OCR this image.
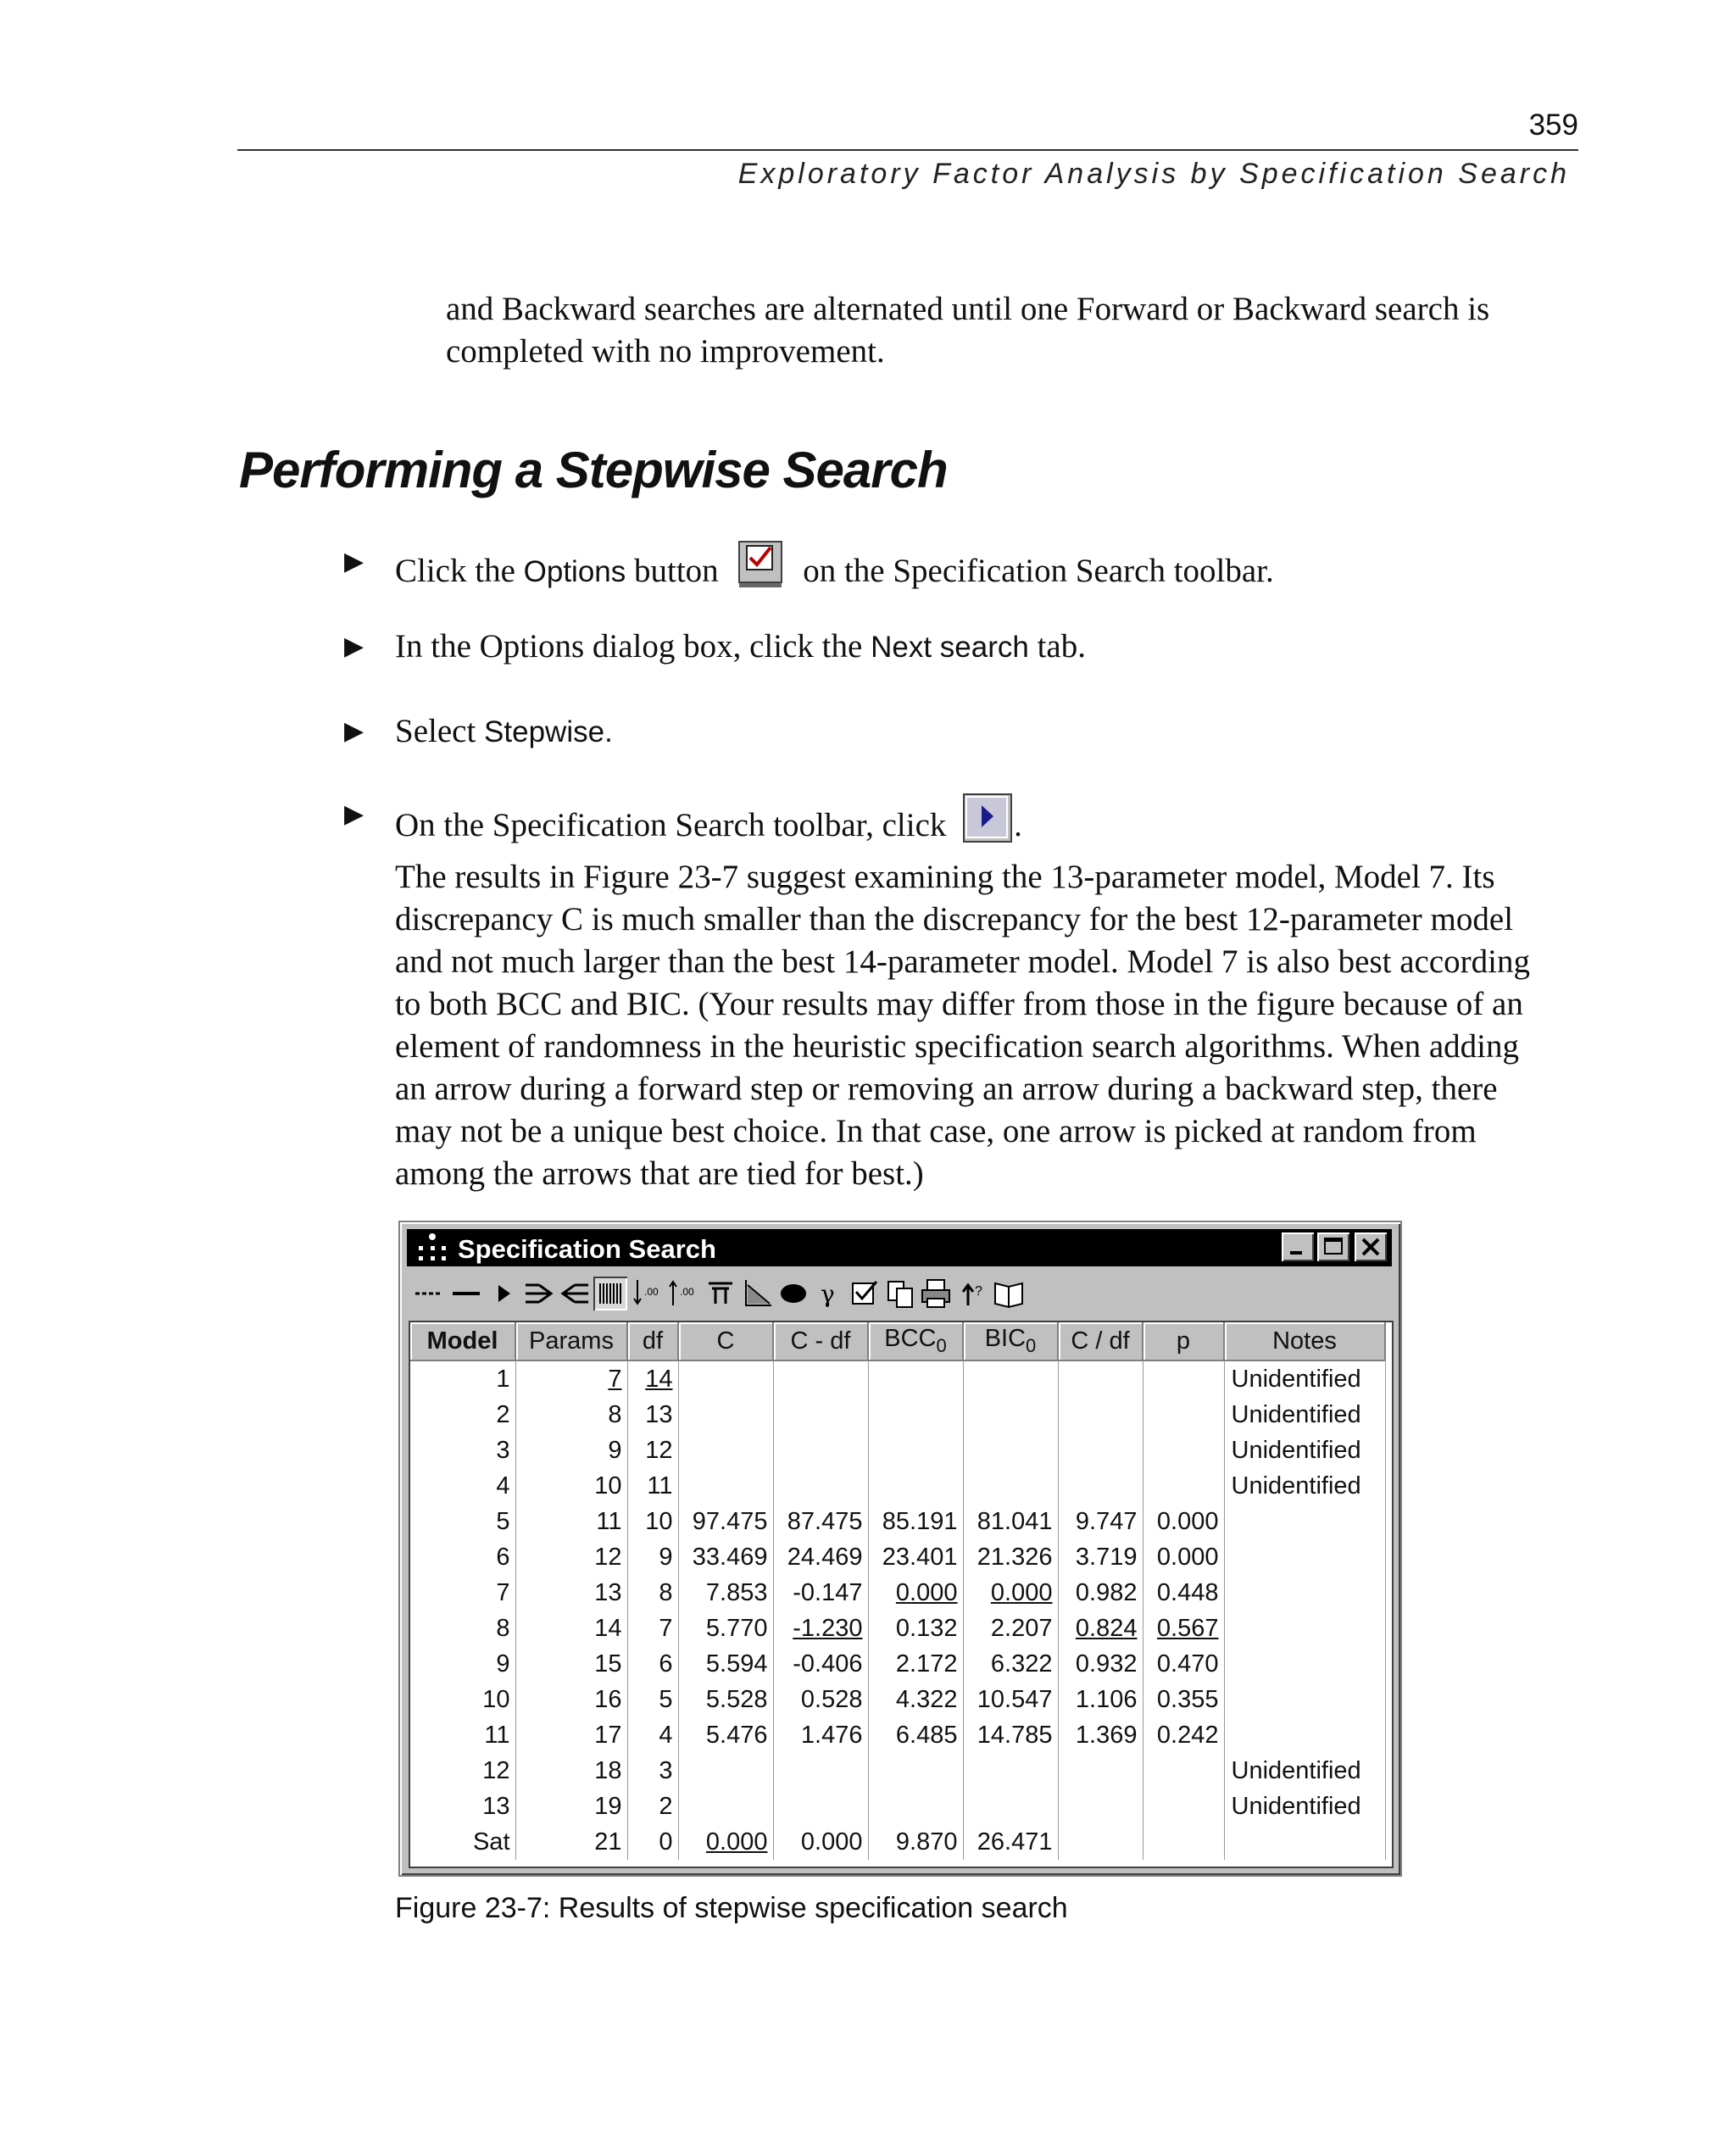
359
Exploratory Factor Analysis by Specification Search
and Backward searches are alternated until one Forward or Backward search is completed with no improvement.
Performing a Stepwise Search
▶ Click the Options button  on the Specification Search toolbar.
▶ In the Options dialog box, click the Next search tab.
▶ Select Stepwise.
▶ On the Specification Search toolbar, click .
The results in Figure 23-7 suggest examining the 13-parameter model, Model 7. Its
discrepancy C is much smaller than the discrepancy for the best 12-parameter model
and not much larger than the best 14-parameter model. Model 7 is also best according
to both BCC and BIC. (Your results may differ from those in the figure because of an
element of randomness in the heuristic specification search algorithms. When adding
an arrow during a forward step or removing an arrow during a backward step, there
may not be a unique best choice. In that case, one arrow is picked at random from
among the arrows that are tied for best.)
Specification Search
.00 .00	γ	?
Model	Params	df	C	C - df	$BCC_0$	$BIC_0$	C / df	p	Notes
1	7	14							Unidentified
2	8	13							Unidentified
3	9	12							Unidentified
4	10	11							Unidentified
5	11	10	97.475	87.475	85.191	81.041	9.747	0.000	
6	12	9	33.469	24.469	23.401	21.326	3.719	0.000	
7	13	8	7.853	-0.147	0.000	0.000	0.982	0.448	
8	14	7	5.770	-1.230	0.132	2.207	0.824	0.567	
9	15	6	5.594	-0.406	2.172	6.322	0.932	0.470	
10	16	5	5.528	0.528	4.322	10.547	1.106	0.355	
11	17	4	5.476	1.476	6.485	14.785	1.369	0.242	
12	18	3							Unidentified
13	19	2							Unidentified
Sat	21	0	0.000	0.000	9.870	26.471			
Figure 23-7: Results of stepwise specification search
